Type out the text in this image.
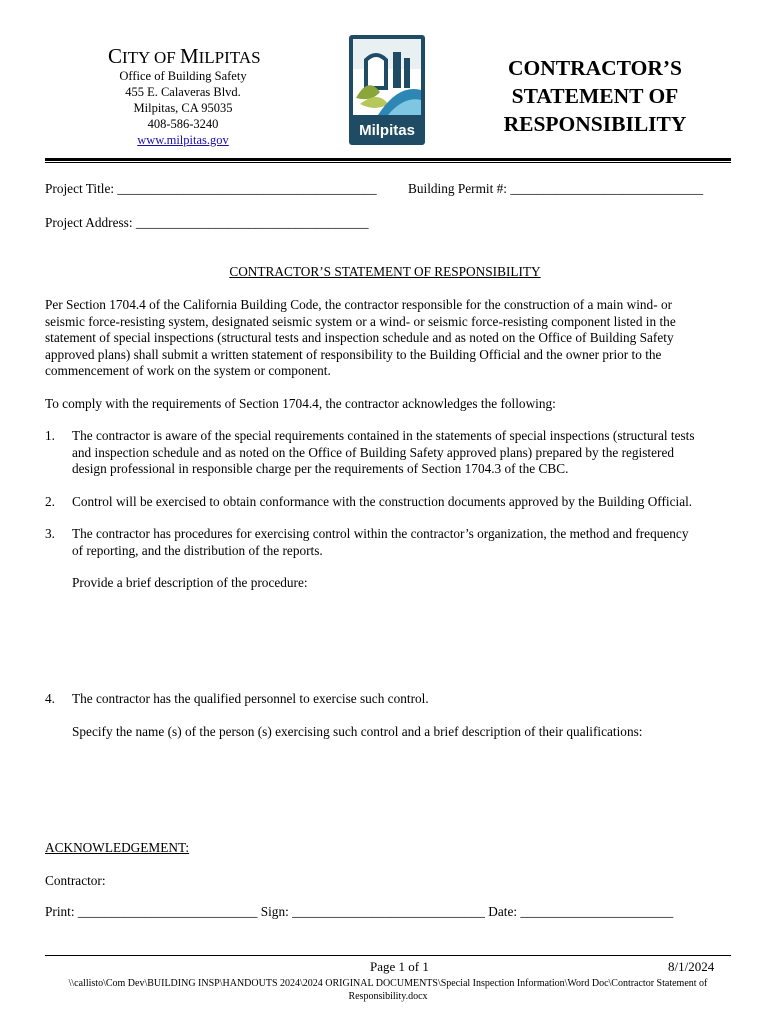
CITY OF MILPITAS
Office of Building Safety
455 E. Calaveras Blvd.
Milpitas, CA 95035
408-586-3240
www.milpitas.gov
Milpitas
CONTRACTOR’S
STATEMENT OF
RESPONSIBILITY
Project Title: _______________________________________ Building Permit #: _____________________________
Project Address: ___________________________________
CONTRACTOR’S STATEMENT OF RESPONSIBILITY
Per Section 1704.4 of the California Building Code, the contractor responsible for the construction of a main wind- or
seismic force-resisting system, designated seismic system or a wind- or seismic force-resisting component listed in the
statement of special inspections (structural tests and inspection schedule and as noted on the Office of Building Safety
approved plans) shall submit a written statement of responsibility to the Building Official and the owner prior to the
commencement of work on the system or component.
To comply with the requirements of Section 1704.4, the contractor acknowledges the following:
1.	The contractor is aware of the special requirements contained in the statements of special inspections (structural tests
and inspection schedule and as noted on the Office of Building Safety approved plans) prepared by the registered
design professional in responsible charge per the requirements of Section 1704.3 of the CBC.
2.	Control will be exercised to obtain conformance with the construction documents approved by the Building Official.
3.	The contractor has procedures for exercising control within the contractor’s organization, the method and frequency
of reporting, and the distribution of the reports.
Provide a brief description of the procedure:
4.	The contractor has the qualified personnel to exercise such control.
Specify the name (s) of the person (s) exercising such control and a brief description of their qualifications:
ACKNOWLEDGEMENT:
Contractor:
Print: ___________________________ Sign: _____________________________ Date: _______________________
Page 1 of 1	8/1/2024
\\callisto\Com Dev\BUILDING INSP\HANDOUTS 2024\2024 ORIGINAL DOCUMENTS\Special Inspection Information\Word Doc\Contractor Statement of
Responsibility.docx
